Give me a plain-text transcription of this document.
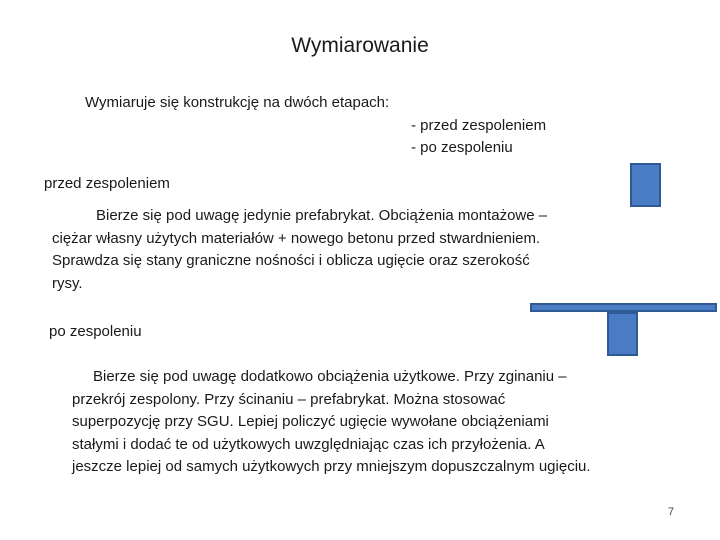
Wymiarowanie
Wymiaruje się konstrukcję na dwóch etapach:
- przed zespoleniem
- po zespoleniu
przed zespoleniem
Bierze się pod uwagę jedynie prefabrykat. Obciążenia montażowe –
ciężar własny użytych materiałów + nowego betonu przed stwardnieniem.
Sprawdza się stany graniczne nośności i oblicza ugięcie oraz szerokość
rysy.
po zespoleniu
Bierze się pod uwagę dodatkowo obciążenia użytkowe. Przy zginaniu –
przekrój zespolony. Przy ścinaniu – prefabrykat. Można stosować
superpozycję przy SGU. Lepiej policzyć ugięcie wywołane obciążeniami
stałymi i dodać te od użytkowych uwzględniając czas ich przyłożenia. A
jeszcze lepiej od samych użytkowych przy mniejszym dopuszczalnym ugięciu.
7
